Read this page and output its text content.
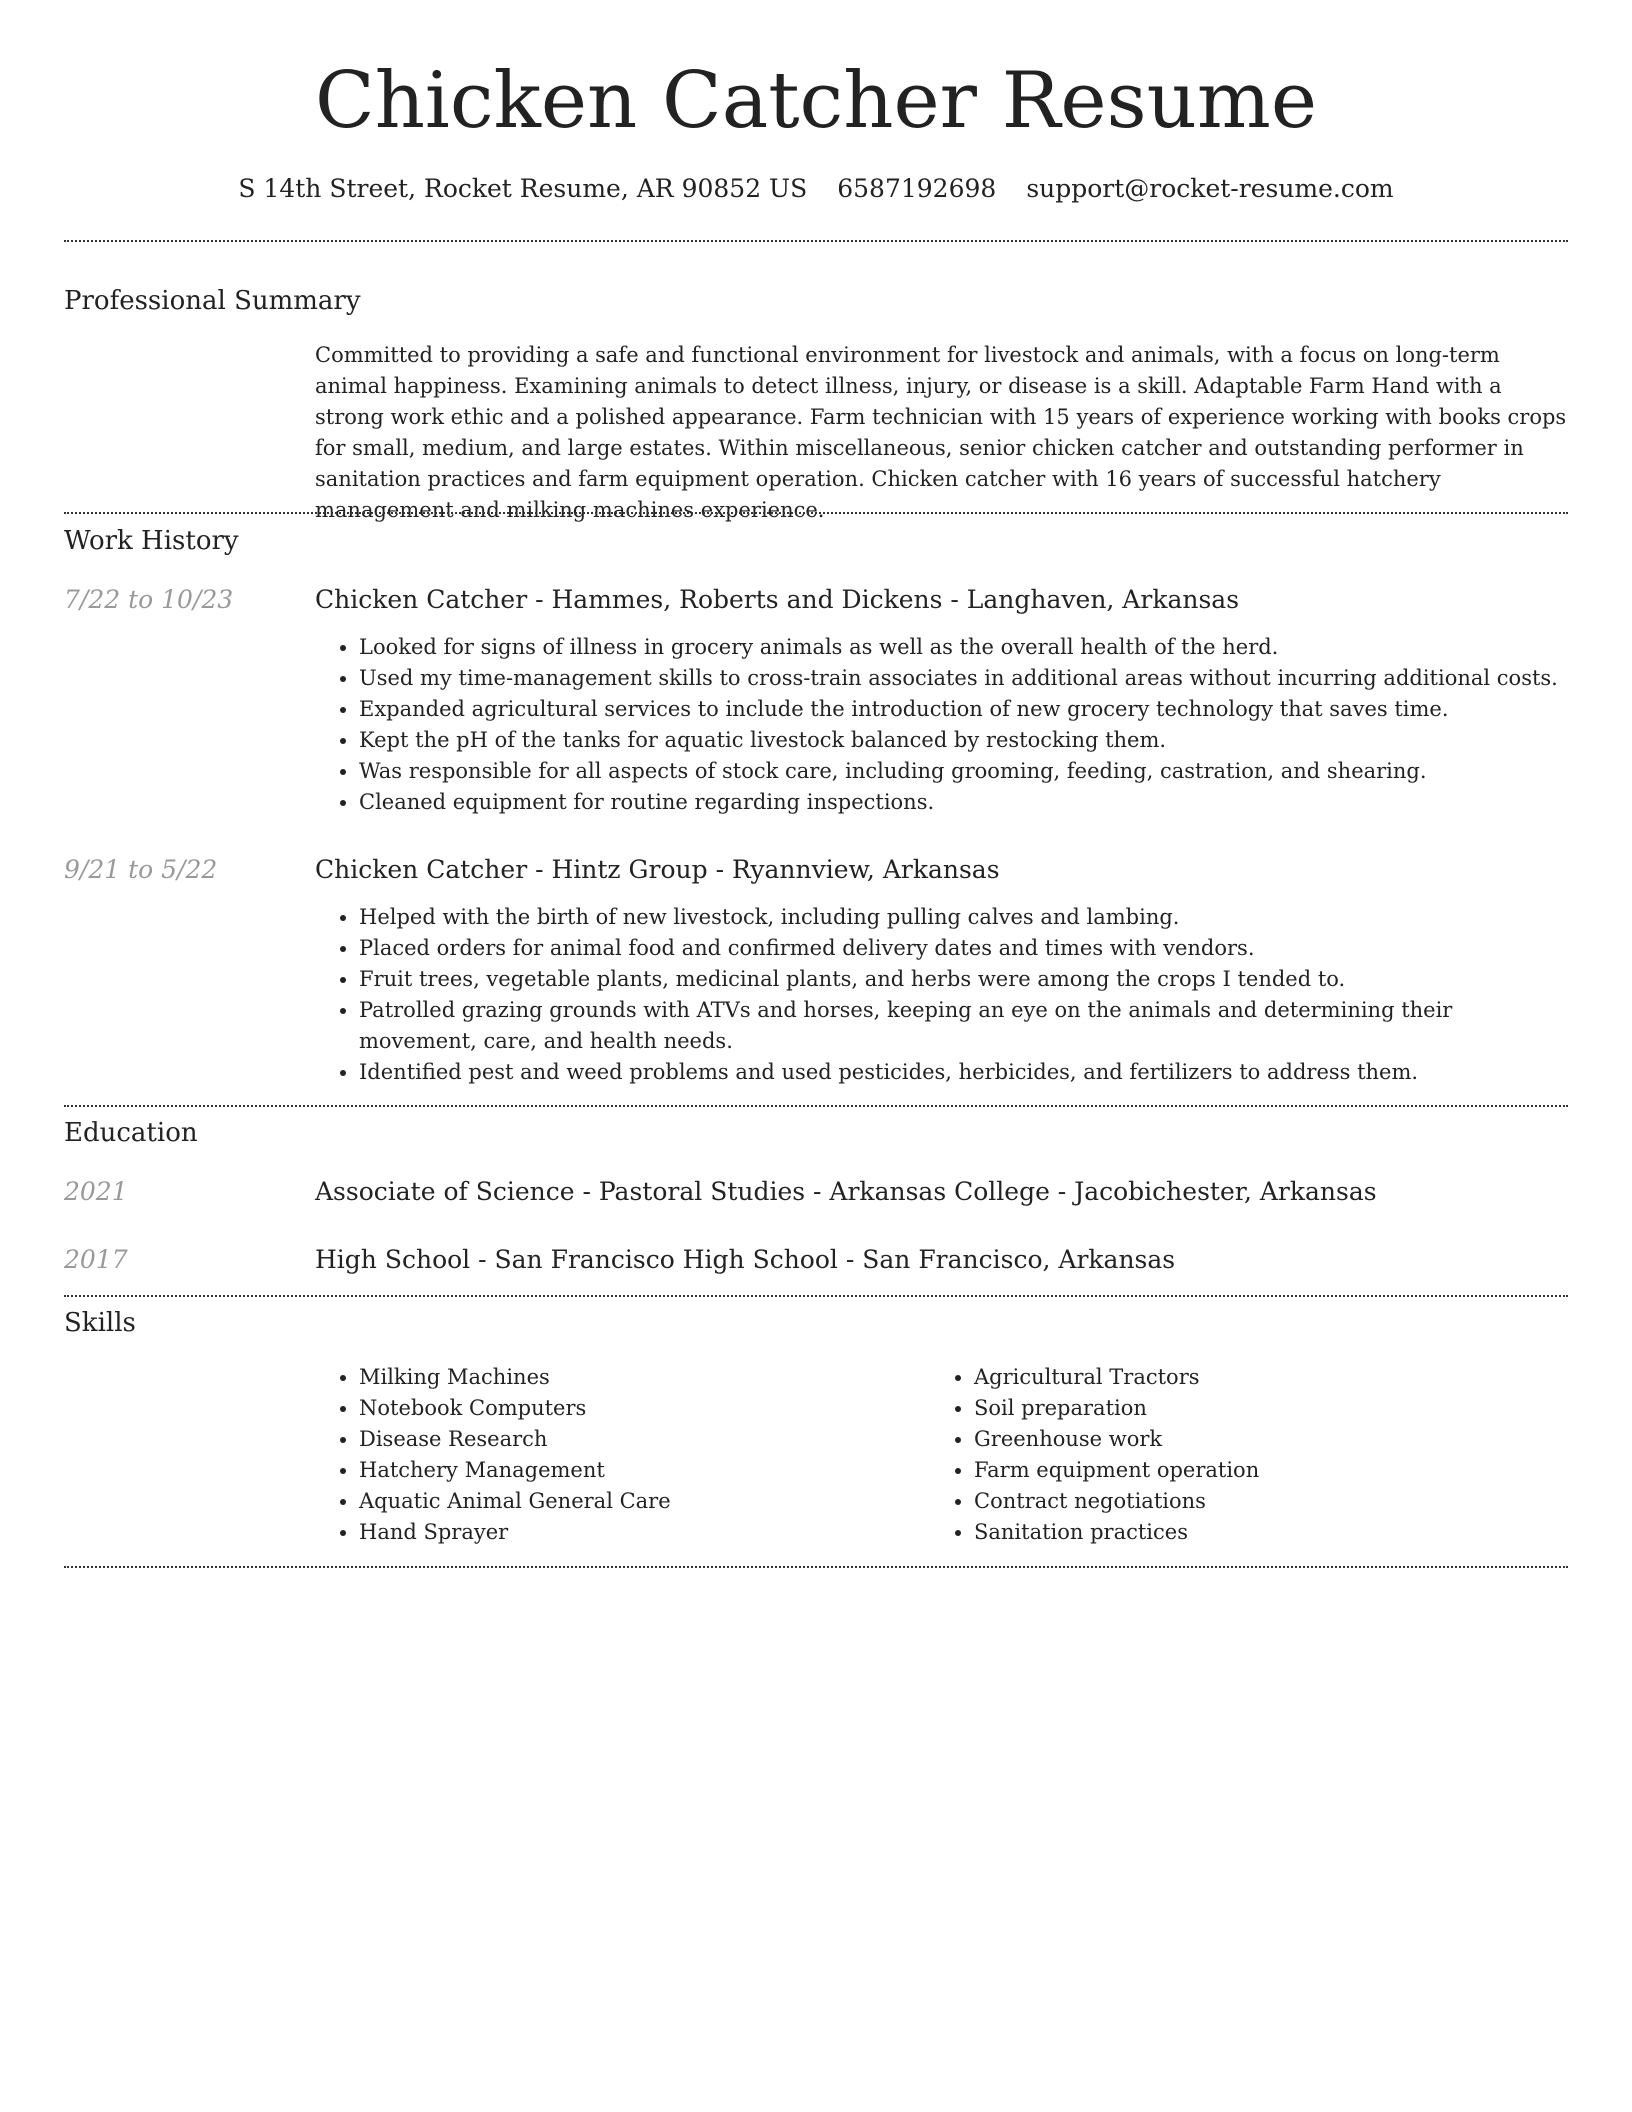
Chicken Catcher Resume
S 14th Street, Rocket Resume, AR 90852 US 6587192698 support@rocket-resume.com
Professional Summary

Committed to providing a safe and functional environment for livestock and animals, with a focus on long-term animal happiness. Examining animals to detect illness, injury, or disease is a skill. Adaptable Farm Hand with a strong work ethic and a polished appearance. Farm technician with 15 years of experience working with books crops for small, medium, and large estates. Within miscellaneous, senior chicken catcher and outstanding performer in sanitation practices and farm equipment operation. Chicken catcher with 16 years of successful hatchery management and milking machines experience.

Work History
7/22 to 10/23	Chicken Catcher - Hammes, Roberts and Dickens - Langhaven, Arkansas
• Looked for signs of illness in grocery animals as well as the overall health of the herd.
• Used my time-management skills to cross-train associates in additional areas without incurring additional costs.
• Expanded agricultural services to include the introduction of new grocery technology that saves time.
• Kept the pH of the tanks for aquatic livestock balanced by restocking them.
• Was responsible for all aspects of stock care, including grooming, feeding, castration, and shearing.
• Cleaned equipment for routine regarding inspections.
9/21 to 5/22	Chicken Catcher - Hintz Group - Ryannview, Arkansas
• Helped with the birth of new livestock, including pulling calves and lambing.
• Placed orders for animal food and confirmed delivery dates and times with vendors.
• Fruit trees, vegetable plants, medicinal plants, and herbs were among the crops I tended to.
• Patrolled grazing grounds with ATVs and horses, keeping an eye on the animals and determining their movement, care, and health needs.
• Identified pest and weed problems and used pesticides, herbicides, and fertilizers to address them.
Education
2021	Associate of Science - Pastoral Studies - Arkansas College - Jacobichester, Arkansas
2017	High School - San Francisco High School - San Francisco, Arkansas
Skills
• Milking Machines
• Notebook Computers
• Disease Research
• Hatchery Management
• Aquatic Animal General Care
• Hand Sprayer
• Agricultural Tractors
• Soil preparation
• Greenhouse work
• Farm equipment operation
• Contract negotiations
• Sanitation practices
